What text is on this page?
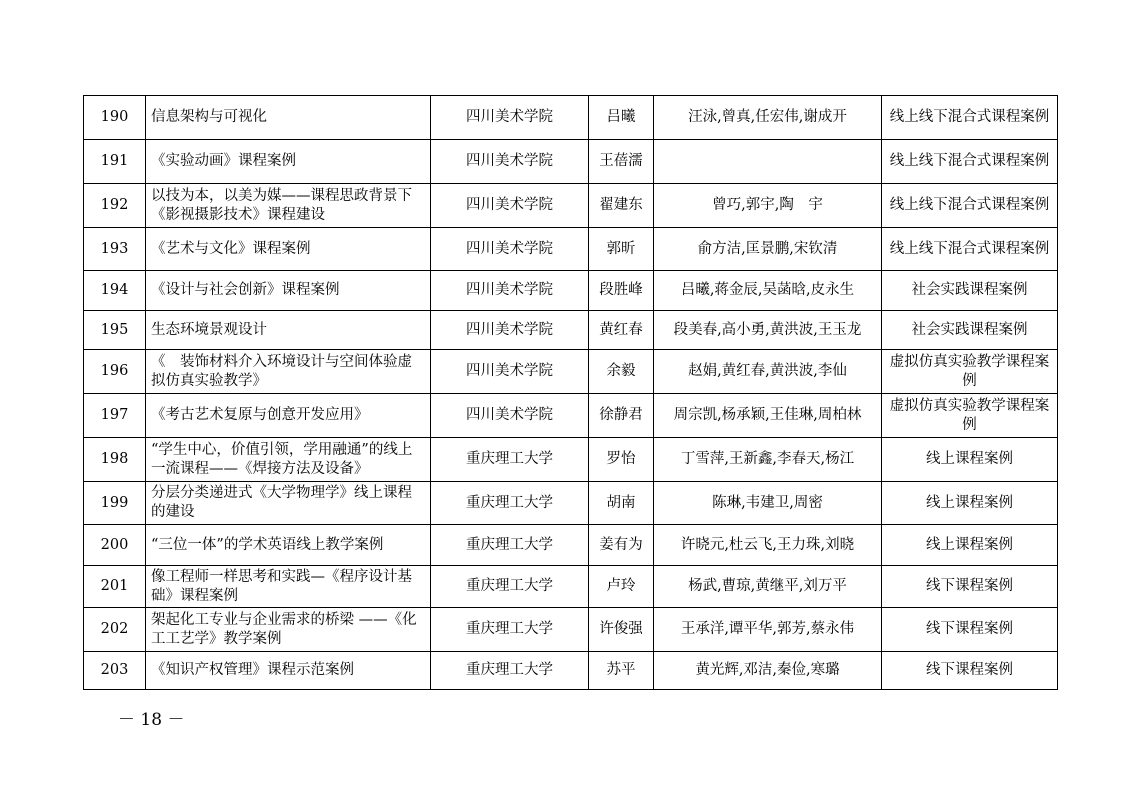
190	信息架构与可视化	四川美术学院	吕曦	汪泳,曾真,任宏伟,谢成开	线上线下混合式课程案例
191	《实验动画》课程案例	四川美术学院	王蓓濡		线上线下混合式课程案例
192	以技为本，以美为媒——课程思政背景下《影视摄影技术》课程建设	四川美术学院	翟建东	曾巧,郭宇,陶　宇	线上线下混合式课程案例
193	《艺术与文化》课程案例	四川美术学院	郭昕	俞方洁,匡景鹏,宋钦清	线上线下混合式课程案例
194	《设计与社会创新》课程案例	四川美术学院	段胜峰	吕曦,蒋金辰,吴菡晗,皮永生	社会实践课程案例
195	生态环境景观设计	四川美术学院	黄红春	段美春,高小勇,黄洪波,王玉龙	社会实践课程案例
196	《　装饰材料介入环境设计与空间体验虚拟仿真实验教学》	四川美术学院	余毅	赵娟,黄红春,黄洪波,李仙	虚拟仿真实验教学课程案例
197	《考古艺术复原与创意开发应用》	四川美术学院	徐静君	周宗凯,杨承颖,王佳琳,周柏林	虚拟仿真实验教学课程案例
198	“学生中心，价值引领，学用融通”的线上一流课程——《焊接方法及设备》	重庆理工大学	罗怡	丁雪萍,王新鑫,李春天,杨江	线上课程案例
199	分层分类递进式《大学物理学》线上课程的建设	重庆理工大学	胡南	陈琳,韦建卫,周密	线上课程案例
200	“三位一体”的学术英语线上教学案例	重庆理工大学	姜有为	许晓元,杜云飞,王力珠,刘晓	线上课程案例
201	像工程师一样思考和实践—《程序设计基础》课程案例	重庆理工大学	卢玲	杨武,曹琼,黄继平,刘万平	线下课程案例
202	架起化工专业与企业需求的桥梁 ——《化工工艺学》教学案例	重庆理工大学	许俊强	王承洋,谭平华,郭芳,蔡永伟	线下课程案例
203	《知识产权管理》课程示范案例	重庆理工大学	苏平	黄光辉,邓洁,秦俭,寒璐	线下课程案例
－ 18 －
